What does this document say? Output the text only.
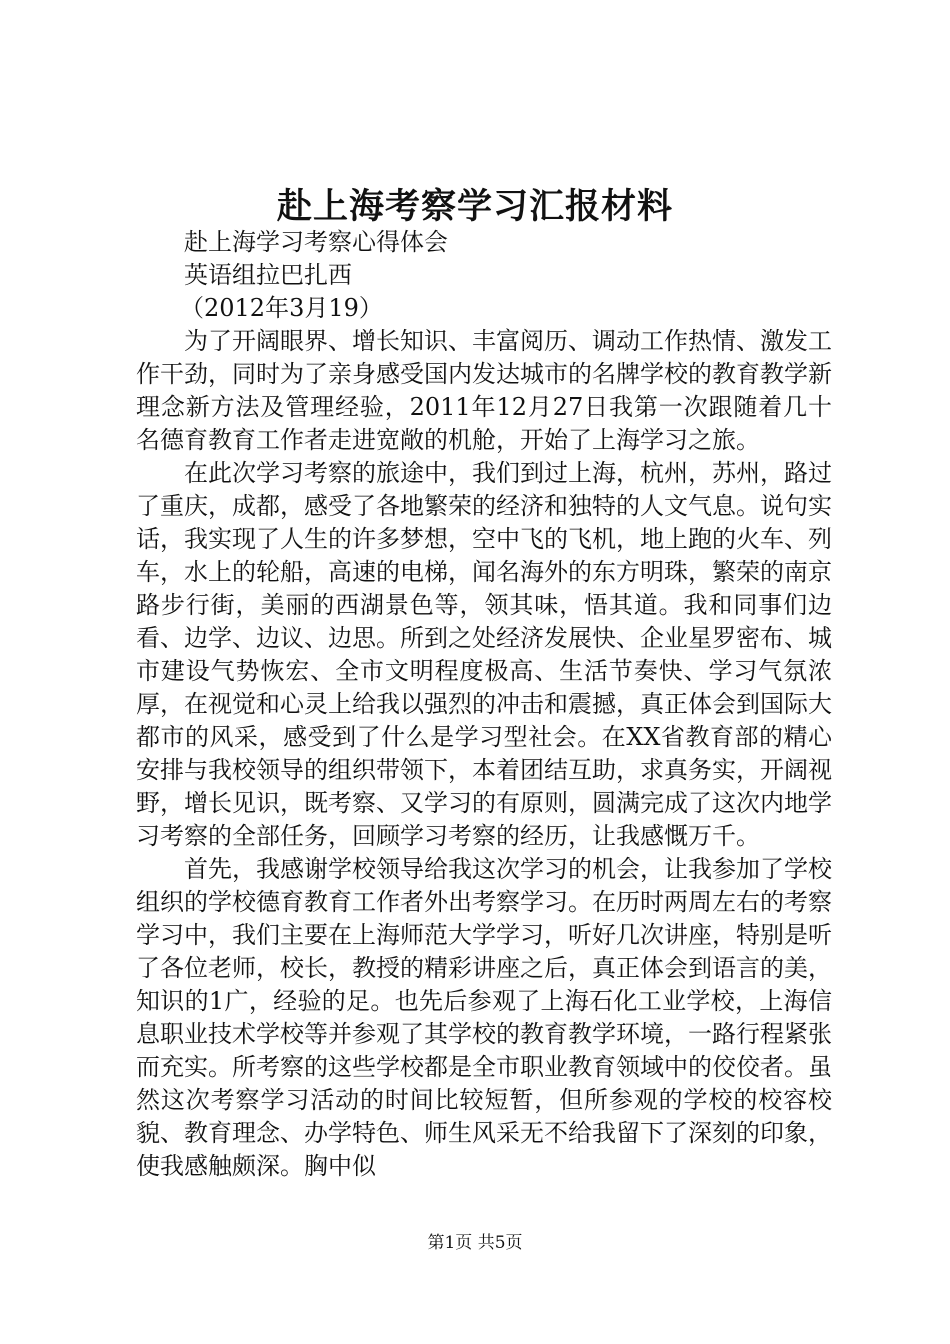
赴上海考察学习汇报材料
赴上海学习考察心得体会
英语组拉巴扎西
（2012年3月19）

为了开阔眼界、增长知识、丰富阅历、调动工作热情、激发工作干劲，同时为了亲身感受国内发达城市的名牌学校的教育教学新理念新方法及管理经验，2011年12月27日我第一次跟随着几十名德育教育工作者走进宽敞的机舱，开始了上海学习之旅。

在此次学习考察的旅途中，我们到过上海，杭州，苏州，路过了重庆，成都，感受了各地繁荣的经济和独特的人文气息。说句实话，我实现了人生的许多梦想，空中飞的飞机，地上跑的火车、列车，水上的轮船，高速的电梯，闻名海外的东方明珠，繁荣的南京路步行街，美丽的西湖景色等，领其味，悟其道。我和同事们边看、边学、边议、边思。所到之处经济发展快、企业星罗密布、城市建设气势恢宏、全市文明程度极高、生活节奏快、学习气氛浓厚，在视觉和心灵上给我以强烈的冲击和震撼，真正体会到国际大都市的风采，感受到了什么是学习型社会。在XX省教育部的精心安排与我校领导的组织带领下，本着团结互助，求真务实，开阔视野，增长见识，既考察、又学习的有原则，圆满完成了这次内地学习考察的全部任务，回顾学习考察的经历，让我感慨万千。

首先，我感谢学校领导给我这次学习的机会，让我参加了学校组织的学校德育教育工作者外出考察学习。在历时两周左右的考察学习中，我们主要在上海师范大学学习，听好几次讲座，特别是听了各位老师，校长，教授的精彩讲座之后，真正体会到语言的美，知识的1广，经验的足。也先后参观了上海石化工业学校，上海信息职业技术学校等并参观了其学校的教育教学环境，一路行程紧张而充实。所考察的这些学校都是全市职业教育领域中的佼佼者。虽然这次考察学习活动的时间比较短暂，但所参观的学校的校容校貌、教育理念、办学特色、师生风采无不给我留下了深刻的印象，使我感触颇深。胸中似

第1页 共5页
